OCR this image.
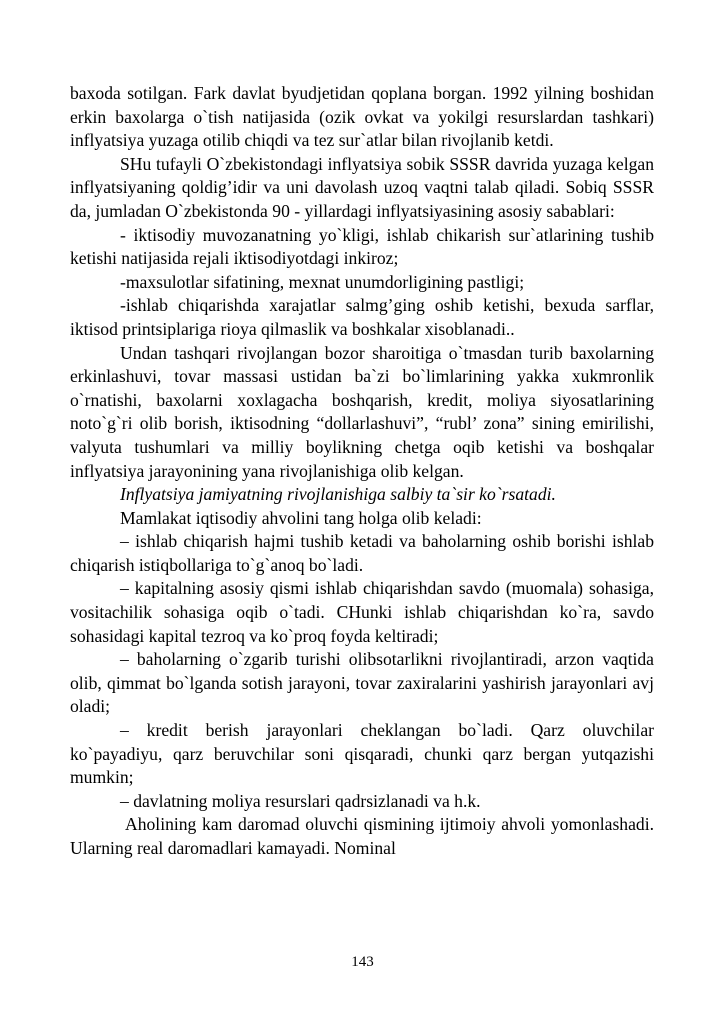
baxoda sotilgan. Fark davlat byudjetidan qoplana borgan. 1992 yilning boshidan erkin baxolarga o`tish natijasida (ozik ovkat va yokilgi resurslardan tashkari) inflyatsiya yuzaga otilib chiqdi va tez sur`atlar bilan rivojlanib ketdi.

SHu tufayli O`zbekistondagi inflyatsiya sobik SSSR davrida yuzaga kelgan inflyatsiyaning qoldig’idir va uni davolash uzoq vaqtni talab qiladi. Sobiq SSSR da, jumladan O`zbekistonda 90 - yillardagi inflyatsiyasining asosiy sabablari:

- iktisodiy muvozanatning yo`kligi, ishlab chikarish sur`atlarining tushib ketishi natijasida rejali iktisodiyotdagi inkiroz;

-maxsulotlar sifatining, mexnat unumdorligining pastligi;

-ishlab chiqarishda xarajatlar salmg’ging oshib ketishi, bexuda sarflar, iktisod printsiplariga rioya qilmaslik va boshkalar xisoblanadi..

Undan tashqari rivojlangan bozor sharoitiga o`tmasdan turib baxolarning erkinlashuvi, tovar massasi ustidan ba`zi bo`limlarining yakka xukmronlik o`rnatishi, baxolarni xoxlagacha boshqarish, kredit, moliya siyosatlarining noto`g`ri olib borish, iktisodning “dollarlashuvi”, “rubl’ zona” sining emirilishi, valyuta tushumlari va milliy boylikning chetga oqib ketishi va boshqalar inflyatsiya jarayonining yana rivojlanishiga olib kelgan.

Inflyatsiya jamiyatning rivojlanishiga salbiy ta`sir ko`rsatadi.

Mamlakat iqtisodiy ahvolini tang holga olib keladi:

– ishlab chiqarish hajmi tushib ketadi va baholarning oshib borishi ishlab chiqarish istiqbollariga to`g`anoq bo`ladi.

– kapitalning asosiy qismi ishlab chiqarishdan savdo (muomala) sohasiga, vositachilik sohasiga oqib o`tadi. CHunki ishlab chiqarishdan ko`ra, savdo sohasidagi kapital tezroq va ko`proq foyda keltiradi;

– baholarning o`zgarib turishi olibsotarlikni rivojlantiradi, arzon vaqtida olib, qimmat bo`lganda sotish jarayoni, tovar zaxiralarini yashirish jarayonlari avj oladi;

– kredit berish jarayonlari cheklangan bo`ladi. Qarz oluvchilar ko`payadiyu, qarz beruvchilar soni qisqaradi, chunki qarz bergan yutqazishi mumkin;

– davlatning moliya resurslari qadrsizlanadi va h.k.

Aholining kam daromad oluvchi qismining ijtimoiy ahvoli yomonlashadi. Ularning real daromadlari kamayadi. Nominal

143
